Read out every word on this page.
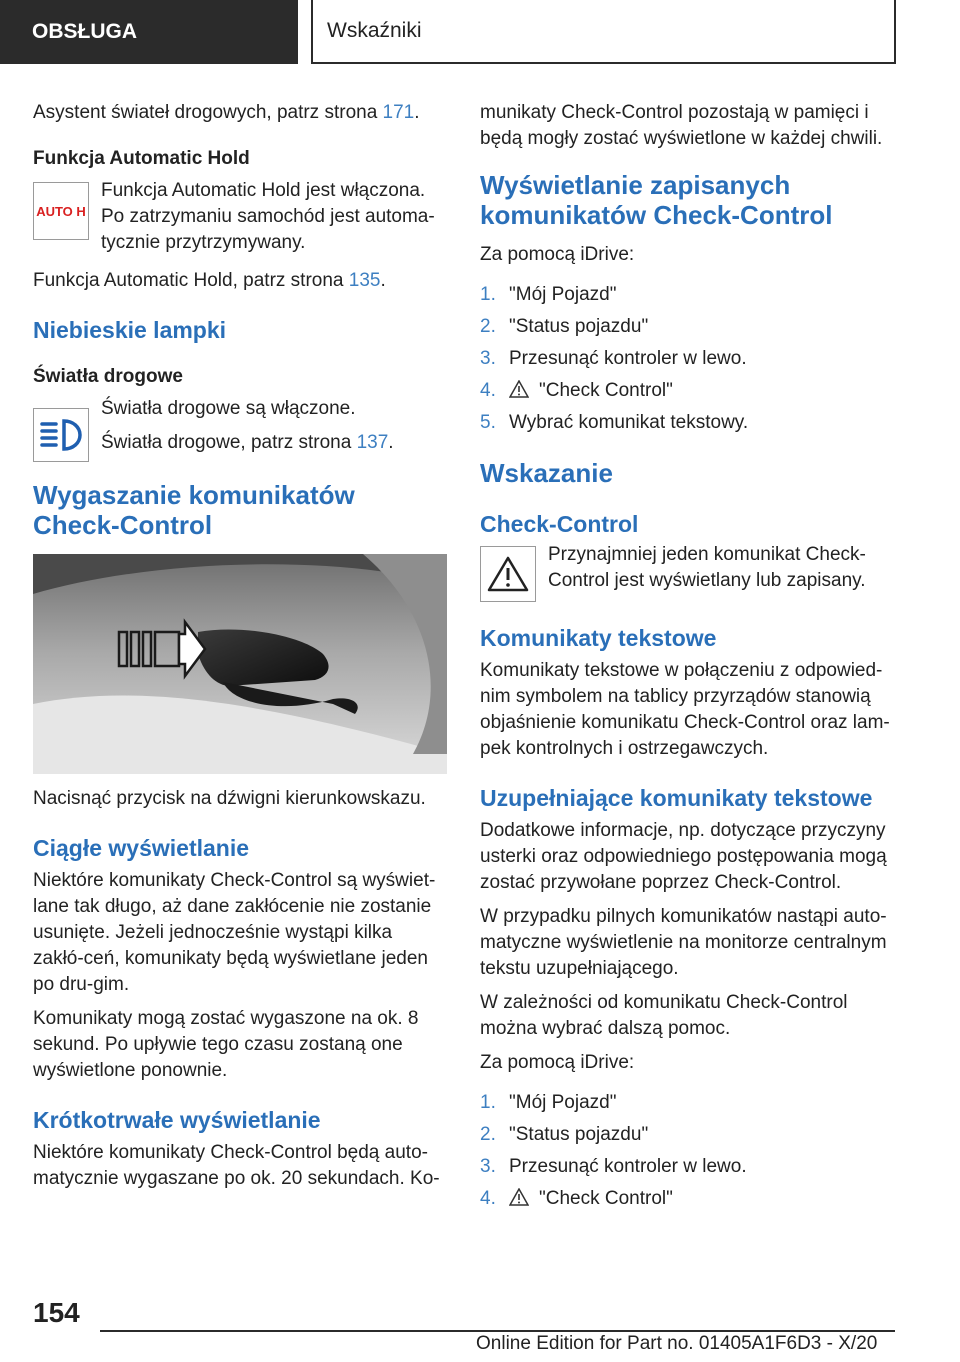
OBSŁUGA	Wskaźniki

Asystent świateł drogowych, patrz strona 171.

Funkcja Automatic Hold
AUTO H

Funkcja Automatic Hold jest włączona. Po zatrzymaniu samochód jest automa-tycznie przytrzymywany.

Funkcja Automatic Hold, patrz strona 135.

Niebieskie lampki
Światła drogowe

Światła drogowe są włączone.

Światła drogowe, patrz strona 137.

Wygaszanie komunikatów Check-Control

Nacisnąć przycisk na dźwigni kierunkowskazu.

Ciągłe wyświetlanie

Niektóre komunikaty Check-Control są wyświet-lane tak długo, aż dane zakłócenie nie zostanie usunięte. Jeżeli jednocześnie wystąpi kilka zakłó-ceń, komunikaty będą wyświetlane jeden po dru-gim.

Komunikaty mogą zostać wygaszone na ok. 8 sekund. Po upływie tego czasu zostaną one wyświetlone ponownie.

Krótkotrwałe wyświetlanie

Niektóre komunikaty Check-Control będą auto-matycznie wygaszane po ok. 20 sekundach. Ko-

munikaty Check-Control pozostają w pamięci i będą mogły zostać wyświetlone w każdej chwili.

Wyświetlanie zapisanych komunikatów Check-Control

Za pomocą iDrive:

1. "Mój Pojazd"
2. "Status pojazdu"
3. Przesunąć kontroler w lewo.
4.	"Check Control"
5. Wybrać komunikat tekstowy.
Wskazanie
Check-Control

Przynajmniej jeden komunikat Check-Control jest wyświetlany lub zapisany.

Komunikaty tekstowe

Komunikaty tekstowe w połączeniu z odpowied-nim symbolem na tablicy przyrządów stanowią objaśnienie komunikatu Check-Control oraz lam-pek kontrolnych i ostrzegawczych.

Uzupełniające komunikaty tekstowe

Dodatkowe informacje, np. dotyczące przyczyny usterki oraz odpowiedniego postępowania mogą zostać przywołane poprzez Check-Control.

W przypadku pilnych komunikatów nastąpi auto-matyczne wyświetlenie na monitorze centralnym tekstu uzupełniającego.

W zależności od komunikatu Check-Control można wybrać dalszą pomoc.

Za pomocą iDrive:

1. "Mój Pojazd"
2. "Status pojazdu"
3. Przesunąć kontroler w lewo.
4.	"Check Control"
154
Online Edition for Part no. 01405A1F6D3 - X/20
